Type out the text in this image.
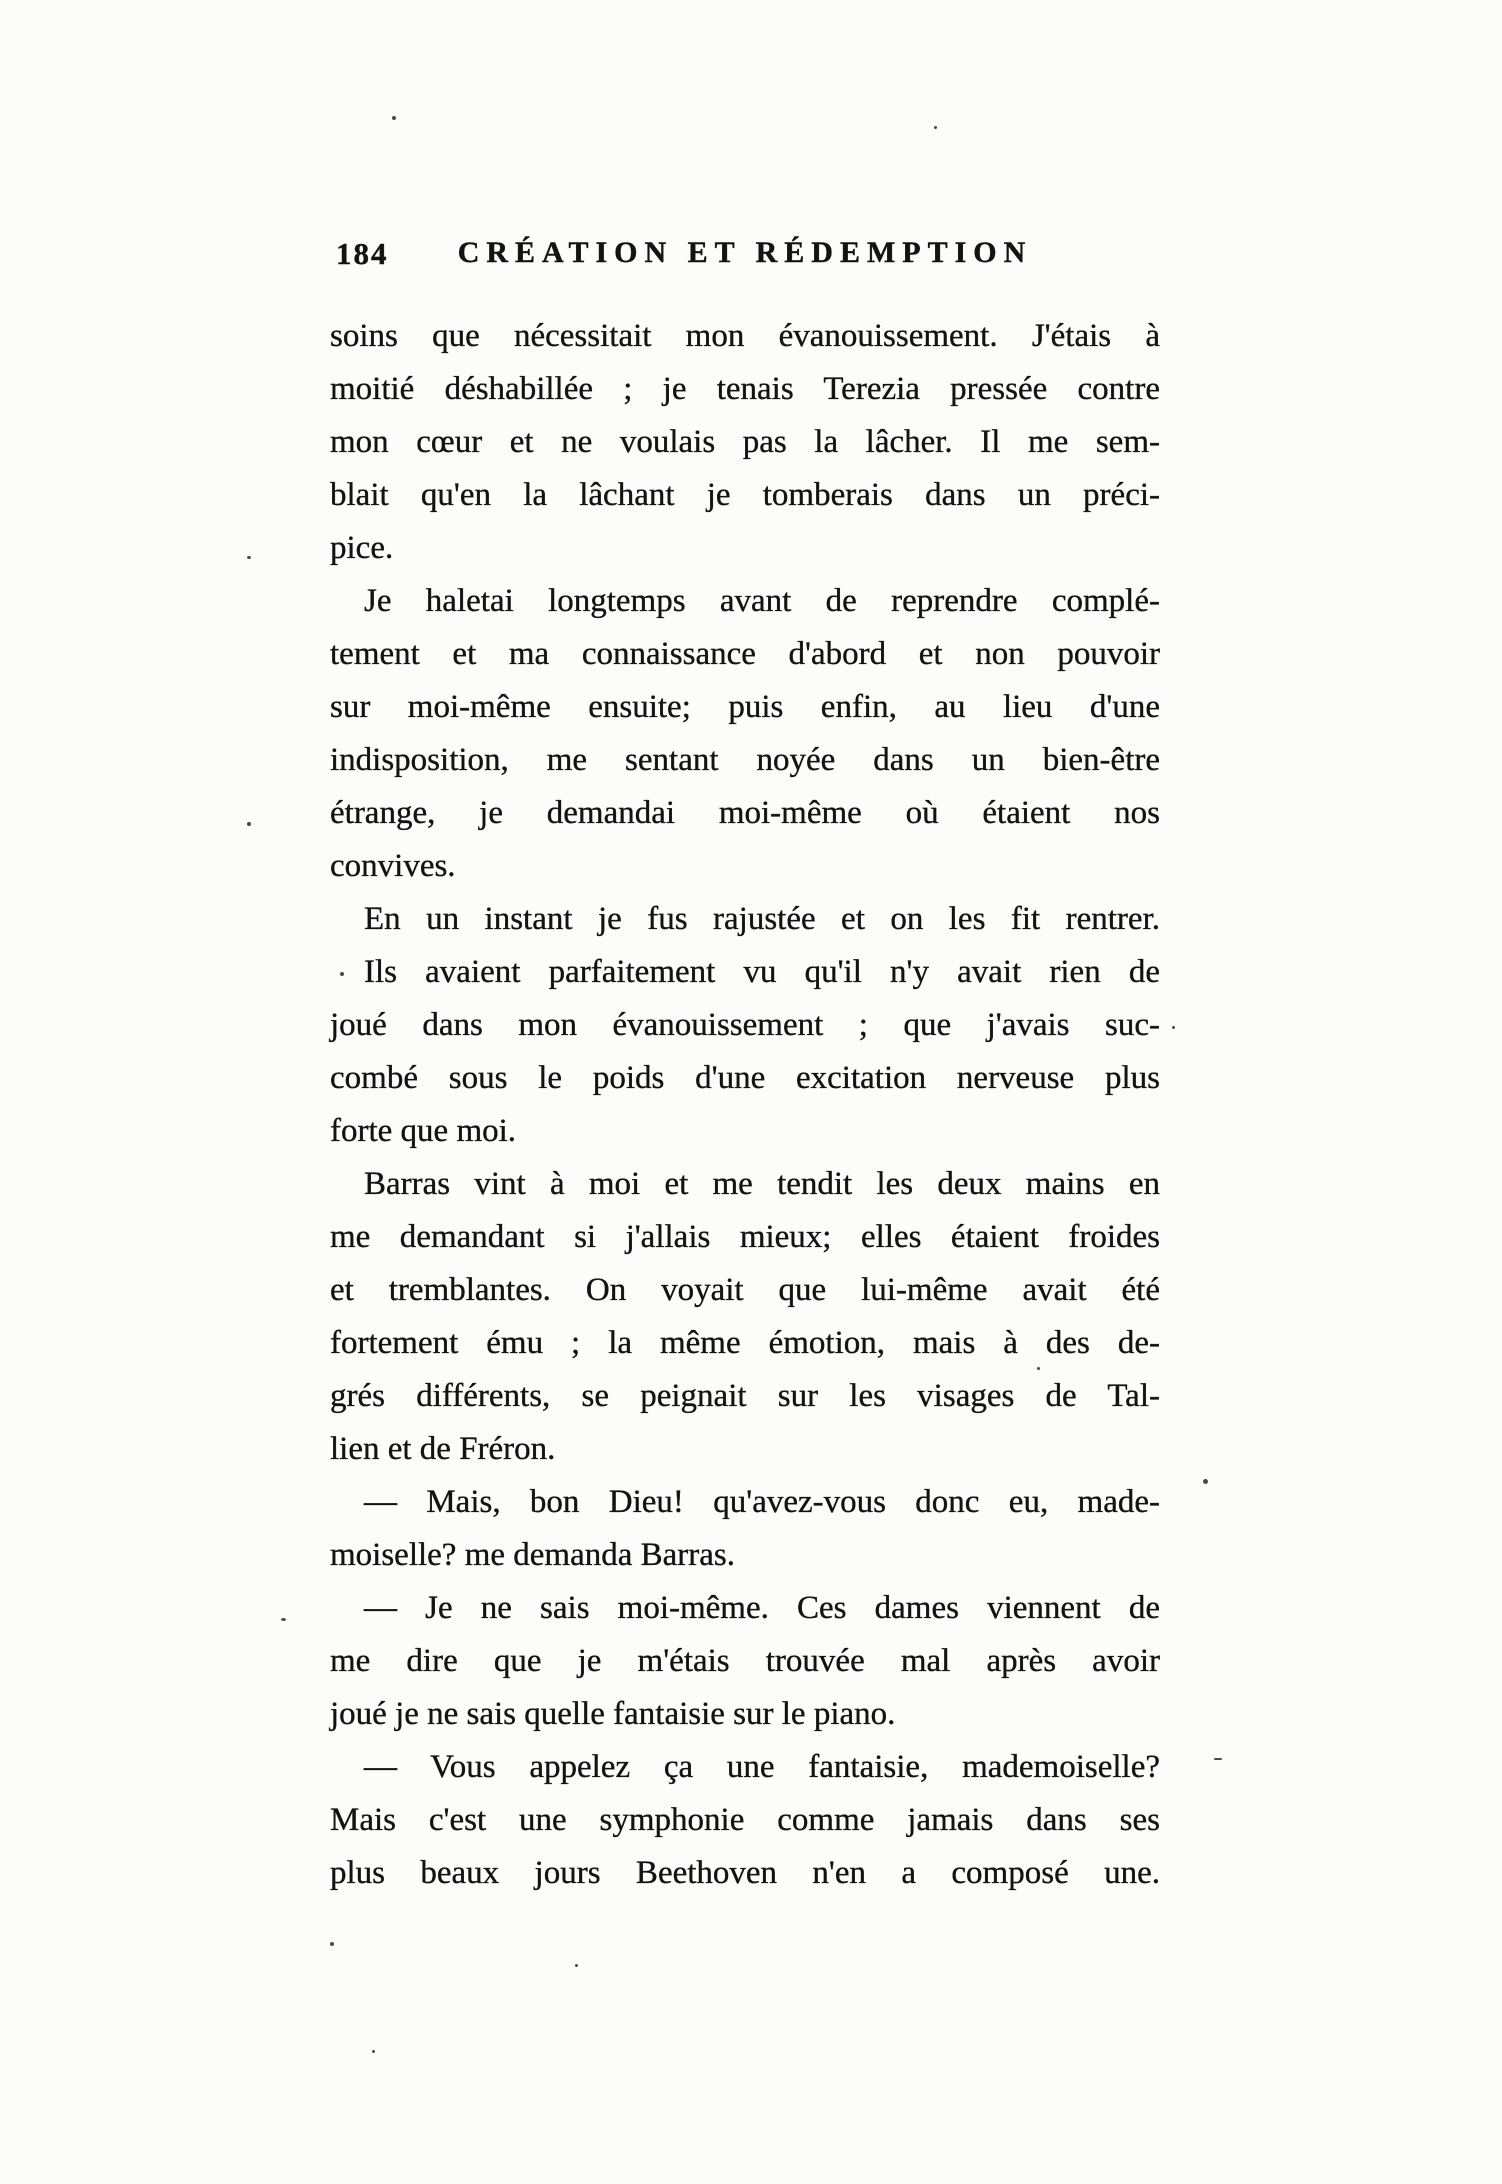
184	CRÉATION ET RÉDEMPTION
soins que nécessitait mon évanouissement. J'étais à
moitié déshabillée ; je tenais Terezia pressée contre
mon cœur et ne voulais pas la lâcher. Il me sem-
blait qu'en la lâchant je tomberais dans un préci-
pice.
Je haletai longtemps avant de reprendre complé-
tement et ma connaissance d'abord et non pouvoir
sur moi-même ensuite; puis enfin, au lieu d'une
indisposition, me sentant noyée dans un bien-être
étrange, je demandai moi-même où étaient nos
convives.
En un instant je fus rajustée et on les fit rentrer.
Ils avaient parfaitement vu qu'il n'y avait rien de
joué dans mon évanouissement ; que j'avais suc-
combé sous le poids d'une excitation nerveuse plus
forte que moi.
Barras vint à moi et me tendit les deux mains en
me demandant si j'allais mieux; elles étaient froides
et tremblantes. On voyait que lui-même avait été
fortement ému ; la même émotion, mais à des de-
grés différents, se peignait sur les visages de Tal-
lien et de Fréron.
— Mais, bon Dieu! qu'avez-vous donc eu, made-
moiselle? me demanda Barras.
— Je ne sais moi-même. Ces dames viennent de
me dire que je m'étais trouvée mal après avoir
joué je ne sais quelle fantaisie sur le piano.
— Vous appelez ça une fantaisie, mademoiselle?
Mais c'est une symphonie comme jamais dans ses
plus beaux jours Beethoven n'en a composé une.
